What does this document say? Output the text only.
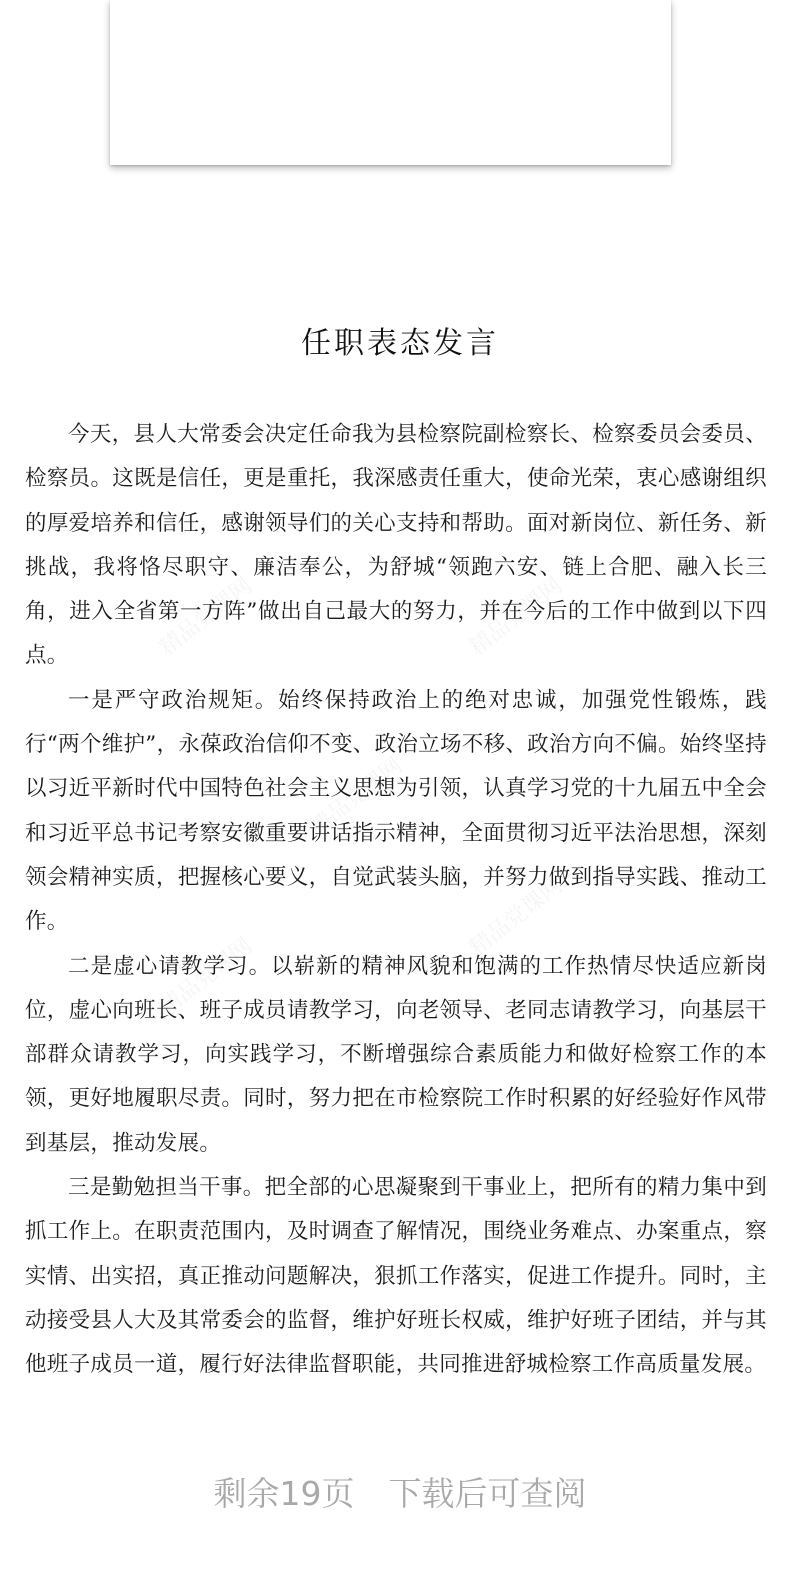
任职表态发言

今天，县人大常委会决定任命我为县检察院副检察长、检察委员会委员、检察员。这既是信任，更是重托，我深感责任重大，使命光荣，衷心感谢组织的厚爱培养和信任，感谢领导们的关心支持和帮助。面对新岗位、新任务、新挑战，我将恪尽职守、廉洁奉公，为舒城“领跑六安、链上合肥、融入长三角，进入全省第一方阵”做出自己最大的努力，并在今后的工作中做到以下四点。

一是严守政治规矩。始终保持政治上的绝对忠诚，加强党性锻炼，践行“两个维护”，永葆政治信仰不变、政治立场不移、政治方向不偏。始终坚持以习近平新时代中国特色社会主义思想为引领，认真学习党的十九届五中全会和习近平总书记考察安徽重要讲话指示精神，全面贯彻习近平法治思想，深刻领会精神实质，把握核心要义，自觉武装头脑，并努力做到指导实践、推动工作。

二是虚心请教学习。以崭新的精神风貌和饱满的工作热情尽快适应新岗位，虚心向班长、班子成员请教学习，向老领导、老同志请教学习，向基层干部群众请教学习，向实践学习，不断增强综合素质能力和做好检察工作的本领，更好地履职尽责。同时，努力把在市检察院工作时积累的好经验好作风带到基层，推动发展。

三是勤勉担当干事。把全部的心思凝聚到干事业上，把所有的精力集中到抓工作上。在职责范围内，及时调查了解情况，围绕业务难点、办案重点，察实情、出实招，真正推动问题解决，狠抓工作落实，促进工作提升。同时，主动接受县人大及其常委会的监督，维护好班长权威，维护好班子团结，并与其他班子成员一道，履行好法律监督职能，共同推进舒城检察工作高质量发展。

剩余19页 下载后可查阅
